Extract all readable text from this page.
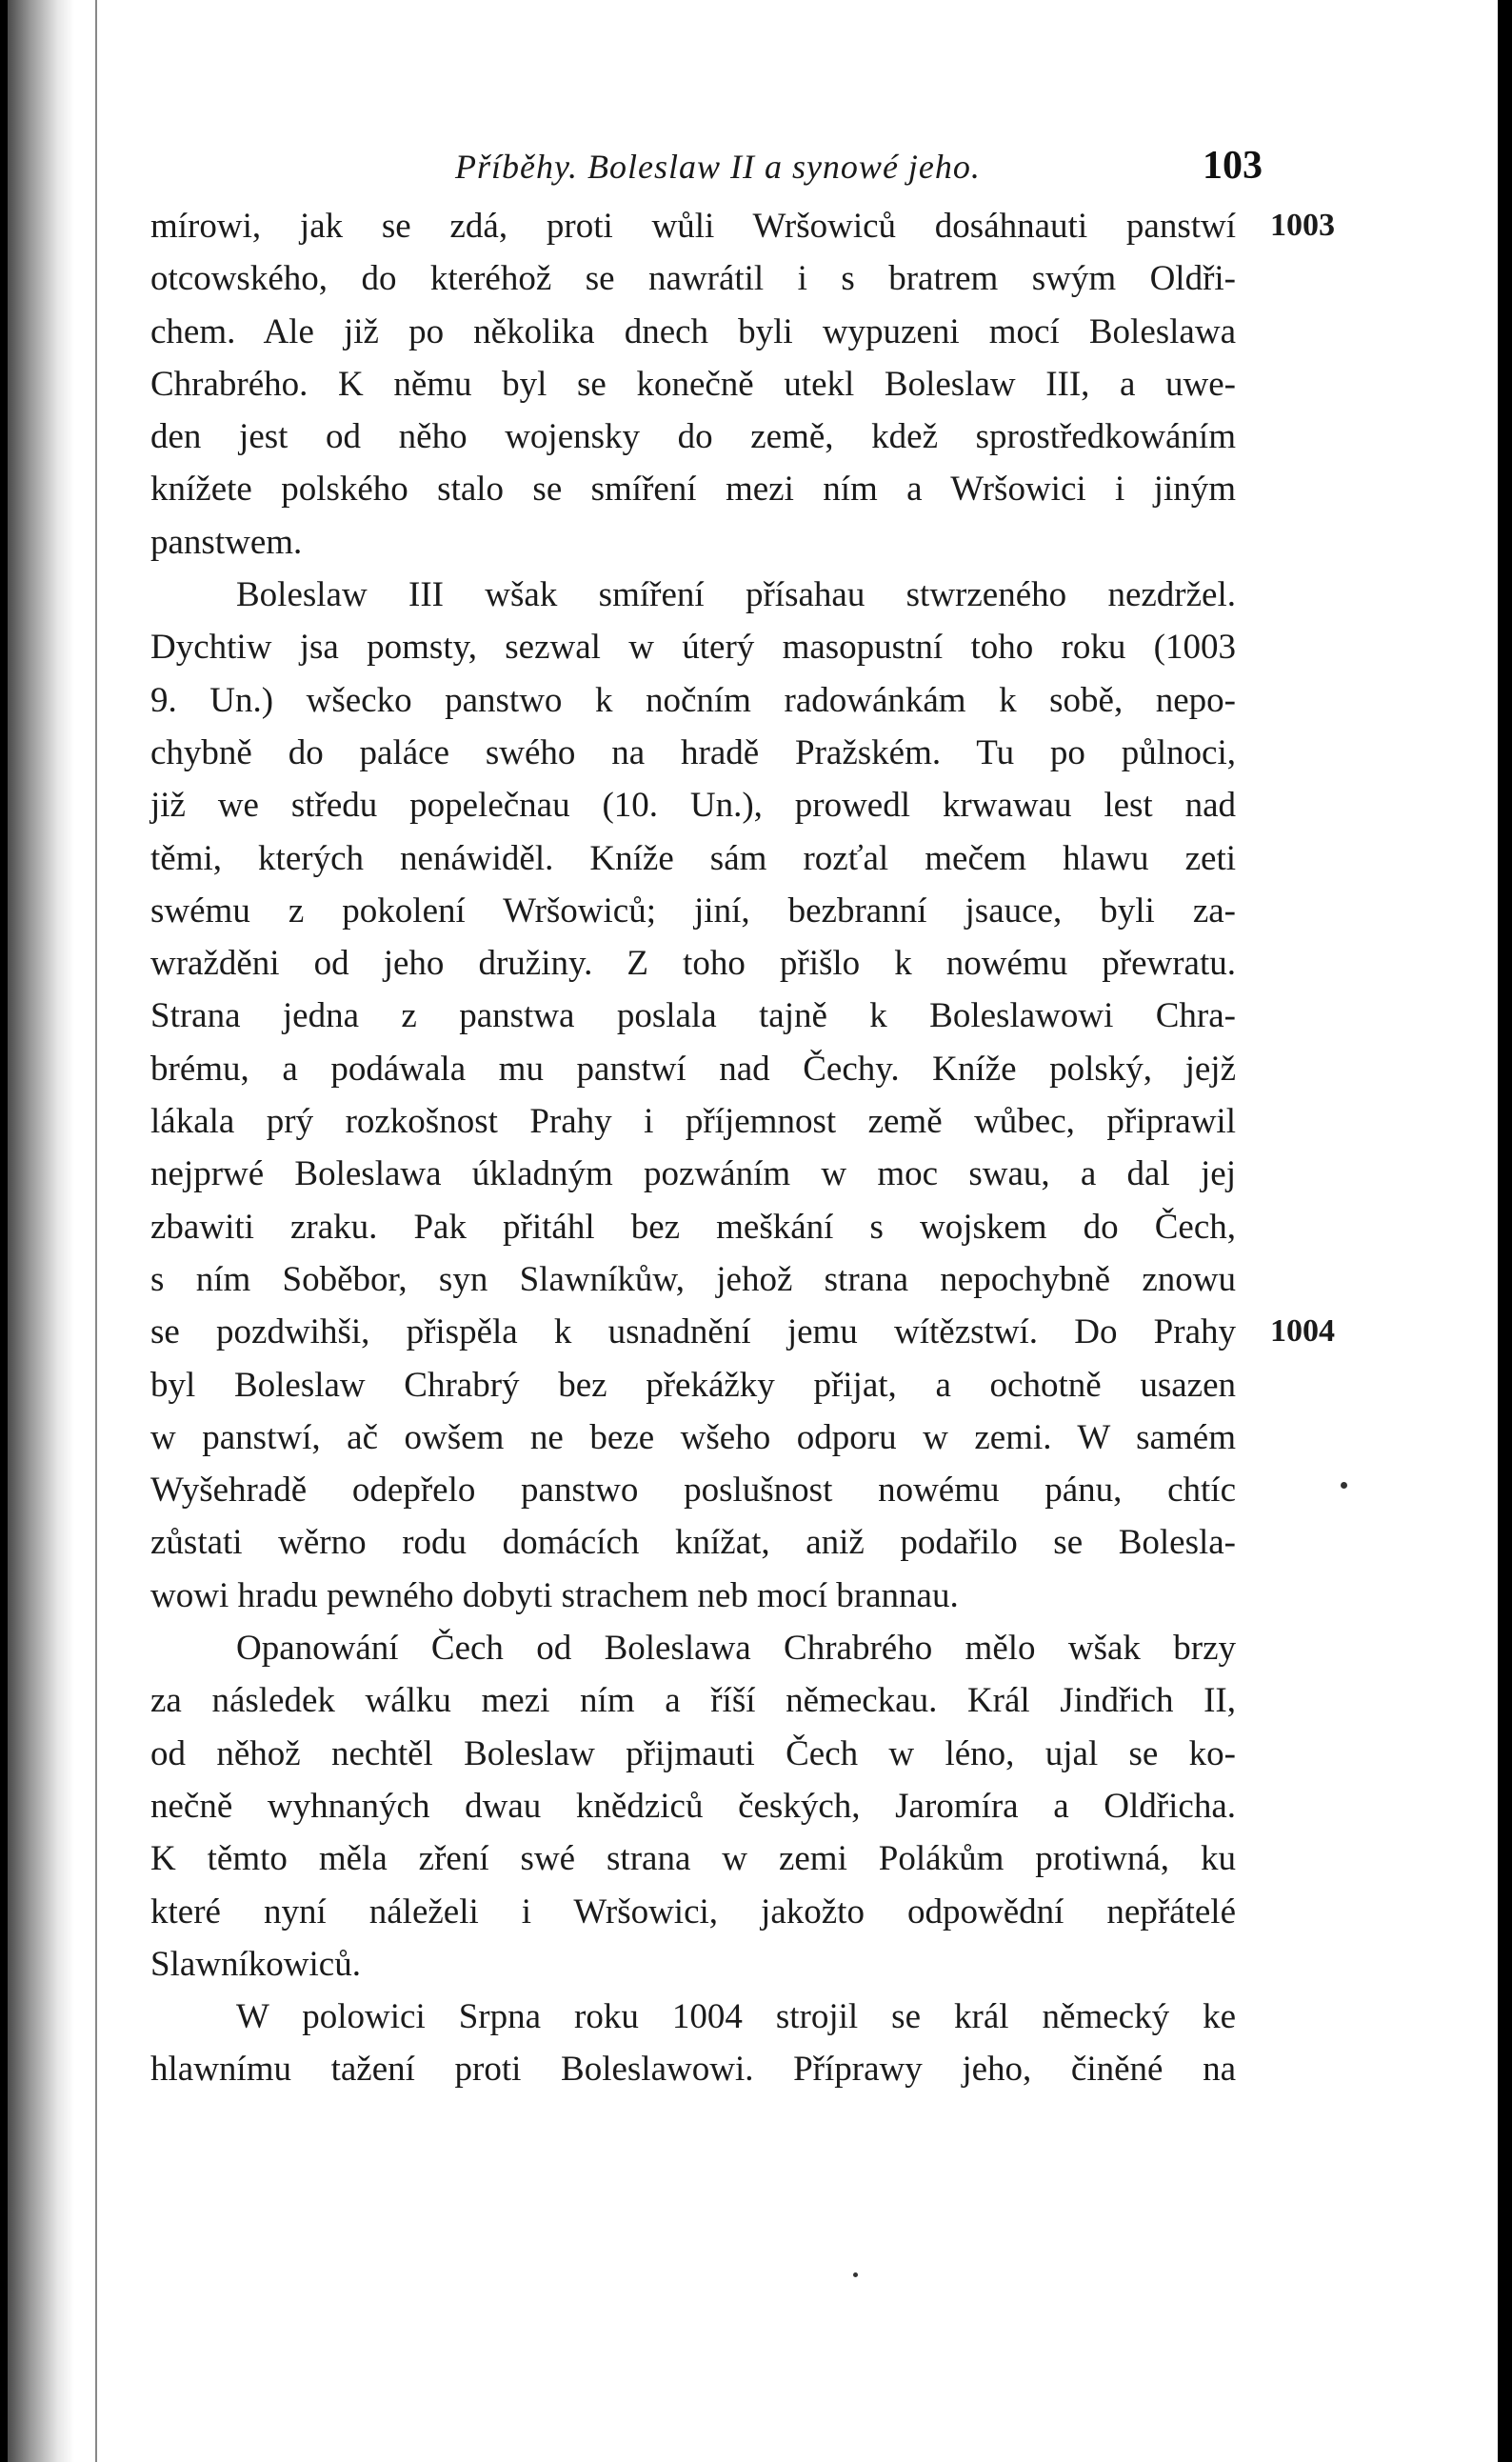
Příběhy. Boleslaw II a synowé jeho.	103
mírowi, jak se zdá, proti wůli Wršowiců dosáhnauti panstwí
otcowského, do kteréhož se nawrátil i s bratrem swým Oldři-
chem. Ale již po několika dnech byli wypuzeni mocí Boleslawa
Chrabrého. K němu byl se konečně utekl Boleslaw III, a uwe-
den jest od něho wojensky do země, kdež sprostředkowáním
knížete polského stalo se smíření mezi ním a Wršowici i jiným
panstwem.
Boleslaw III wšak smíření přísahau stwrzeného nezdržel.
Dychtiw jsa pomsty, sezwal w úterý masopustní toho roku (1003
9. Un.) wšecko panstwo k nočním radowánkám k sobě, nepo-
chybně do paláce swého na hradě Pražském. Tu po půlnoci,
již we středu popelečnau (10. Un.), prowedl krwawau lest nad
těmi, kterých nenáwiděl. Kníže sám rozťal mečem hlawu zeti
swému z pokolení Wršowiců; jiní, bezbranní jsauce, byli za-
wražděni od jeho družiny. Z toho přišlo k nowému přewratu.
Strana jedna z panstwa poslala tajně k Boleslawowi Chra-
brému, a podáwala mu panstwí nad Čechy. Kníže polský, jejž
lákala prý rozkošnost Prahy i příjemnost země wůbec, připrawil
nejprwé Boleslawa úkladným pozwáním w moc swau, a dal jej
zbawiti zraku. Pak přitáhl bez meškání s wojskem do Čech,
s ním Soběbor, syn Slawníkůw, jehož strana nepochybně znowu
se pozdwihši, přispěla k usnadnění jemu wítězstwí. Do Prahy
byl Boleslaw Chrabrý bez překážky přijat, a ochotně usazen
w panstwí, ač owšem ne beze wšeho odporu w zemi. W samém
Wyšehradě odepřelo panstwo poslušnost nowému pánu, chtíc
zůstati wěrno rodu domácích knížat, aniž podařilo se Bolesla-
wowi hradu pewného dobyti strachem neb mocí brannau.
Opanowání Čech od Boleslawa Chrabrého mělo wšak brzy
za následek wálku mezi ním a říší německau. Král Jindřich II,
od něhož nechtěl Boleslaw přijmauti Čech w léno, ujal se ko-
nečně wyhnaných dwau knědziců českých, Jaromíra a Oldřicha.
K těmto měla zření swé strana w zemi Polákům protiwná, ku
které nyní náleželi i Wršowici, jakožto odpowědní nepřátelé
Slawníkowiců.
W polowici Srpna roku 1004 strojil se král německý ke
hlawnímu tažení proti Boleslawowi. Příprawy jeho, činěné na
1003
1004
